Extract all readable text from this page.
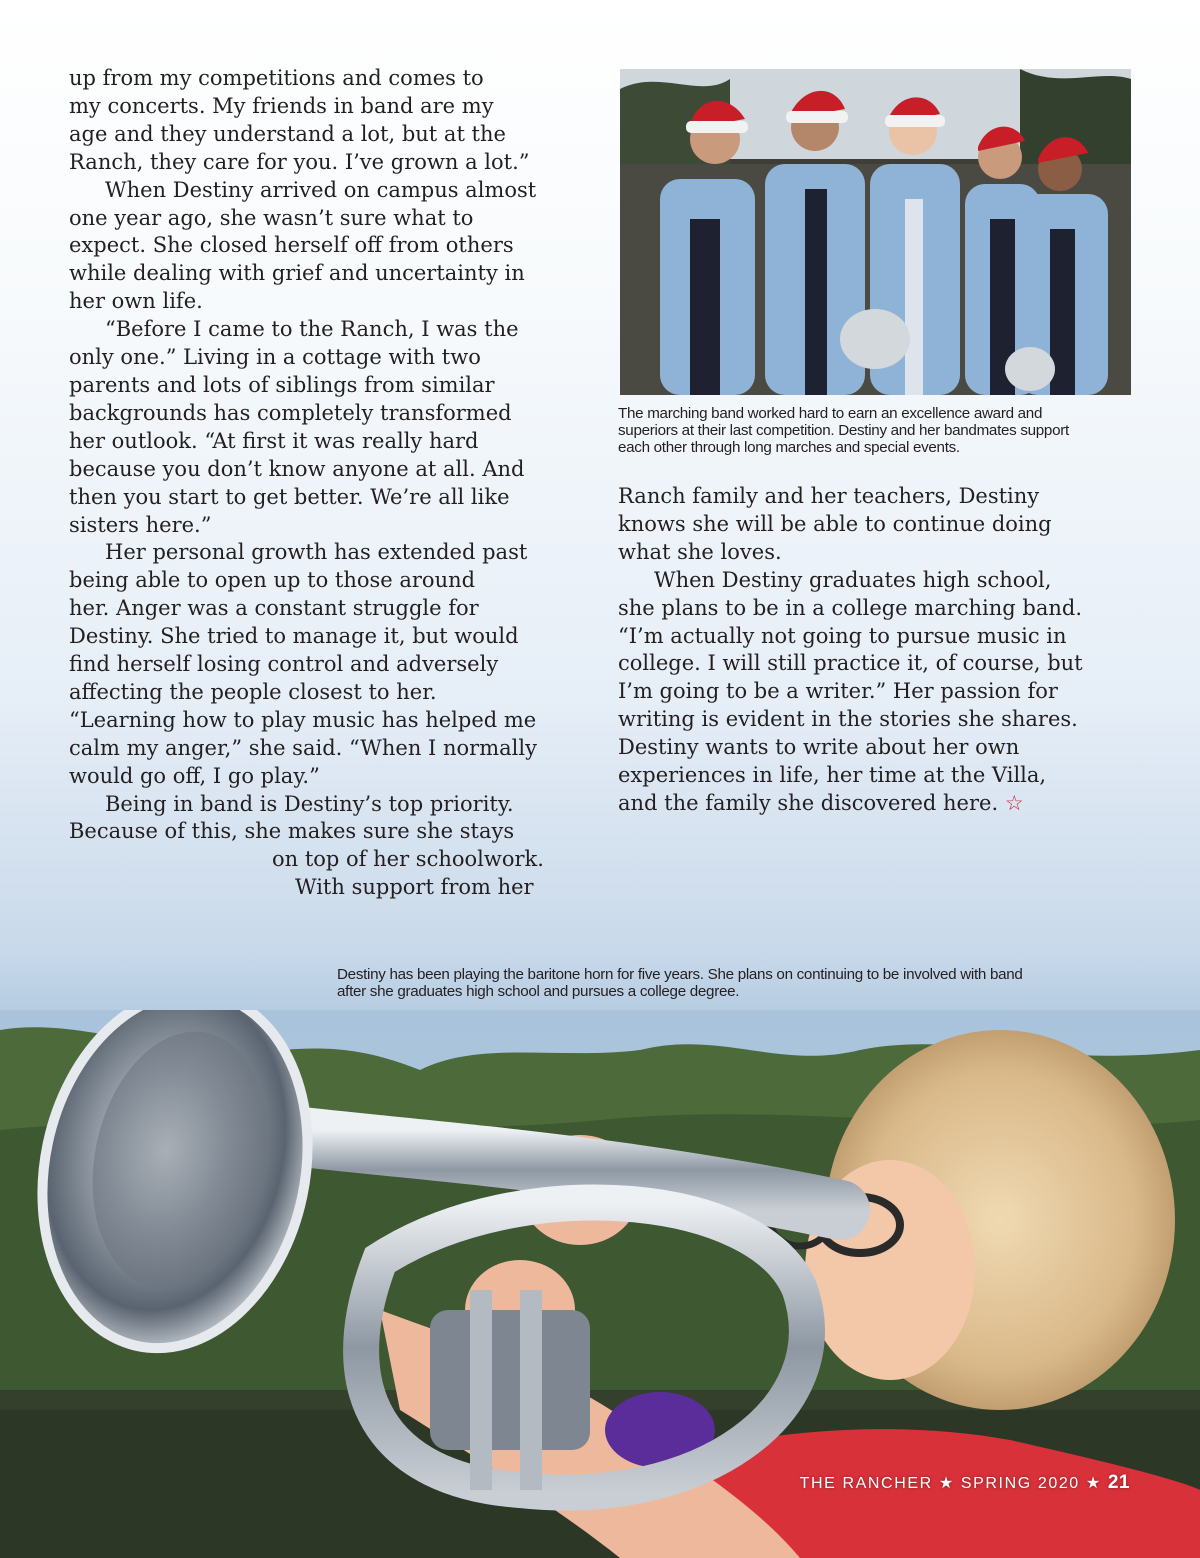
up from my competitions and comes to
my concerts. My friends in band are my
age and they understand a lot, but at the
Ranch, they care for you. I’ve grown a lot.”
When Destiny arrived on campus almost
one year ago, she wasn’t sure what to
expect. She closed herself off from others
while dealing with grief and uncertainty in
her own life.
“Before I came to the Ranch, I was the
only one.” Living in a cottage with two
parents and lots of siblings from similar
backgrounds has completely transformed
her outlook. “At first it was really hard
because you don’t know anyone at all. And
then you start to get better. We’re all like
sisters here.”
Her personal growth has extended past
being able to open up to those around
her. Anger was a constant struggle for
Destiny. She tried to manage it, but would
find herself losing control and adversely
affecting the people closest to her.
“Learning how to play music has helped me
calm my anger,” she said. “When I normally
would go off, I go play.”
Being in band is Destiny’s top priority.
Because of this, she makes sure she stays
on top of her schoolwork.
With support from her
Ranch family and her teachers, Destiny
knows she will be able to continue doing
what she loves.
When Destiny graduates high school,
she plans to be in a college marching band.
“I’m actually not going to pursue music in
college. I will still practice it, of course, but
I’m going to be a writer.” Her passion for
writing is evident in the stories she shares.
Destiny wants to write about her own
experiences in life, her time at the Villa,
and the family she discovered here. ☆
The marching band worked hard to earn an excellence award and
superiors at their last competition. Destiny and her bandmates support
each other through long marches and special events.
Destiny has been playing the baritone horn for five years. She plans on continuing to be involved with band
after she graduates high school and pursues a college degree.
THE RANCHER ★ SPRING 2020 ★ 21
